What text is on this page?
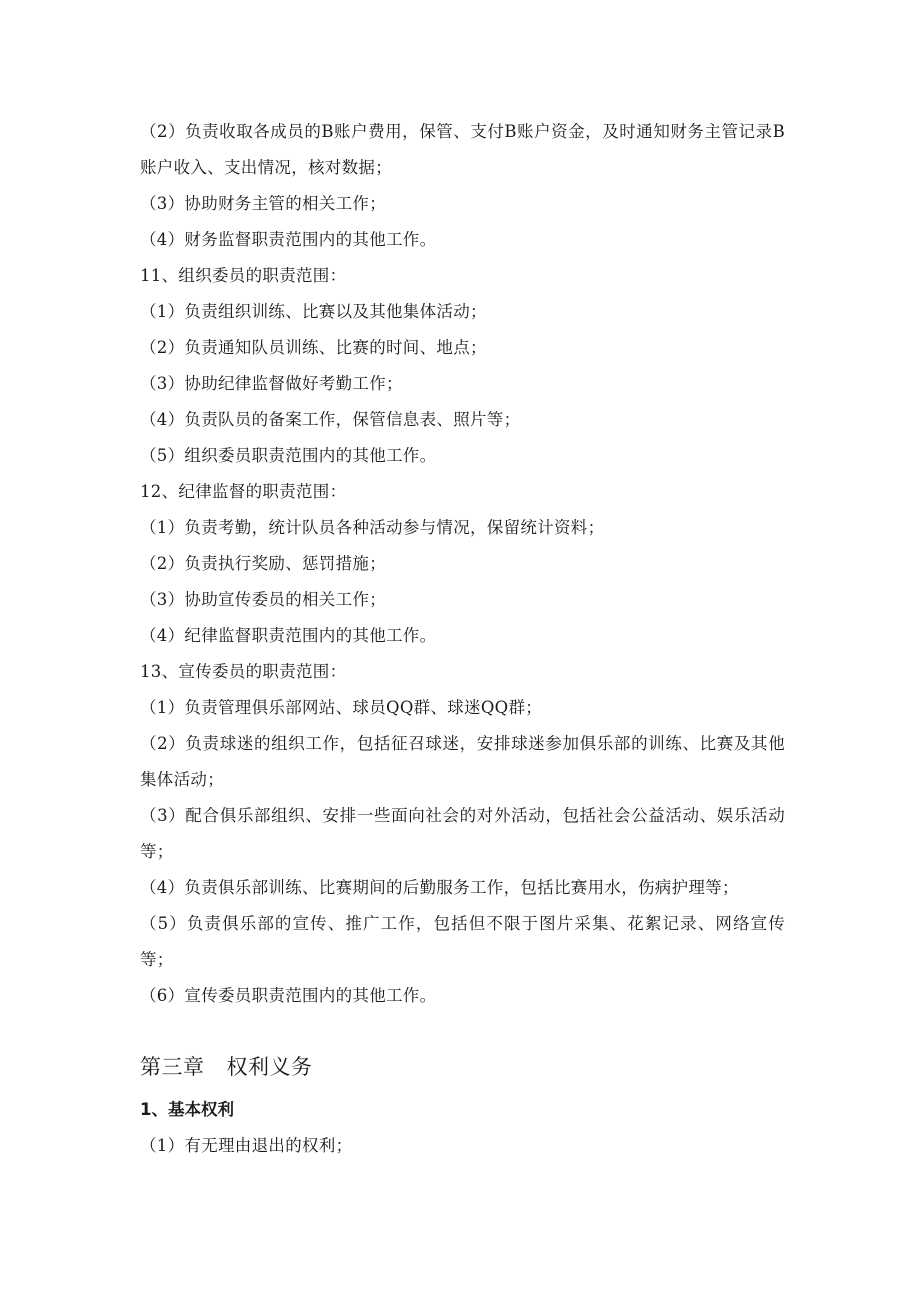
（2）负责收取各成员的B账户费用，保管、支付B账户资金，及时通知财务主管记录B账户收入、支出情况，核对数据；

（3）协助财务主管的相关工作；

（4）财务监督职责范围内的其他工作。

11、组织委员的职责范围：

（1）负责组织训练、比赛以及其他集体活动；

（2）负责通知队员训练、比赛的时间、地点；

（3）协助纪律监督做好考勤工作；

（4）负责队员的备案工作，保管信息表、照片等；

（5）组织委员职责范围内的其他工作。

12、纪律监督的职责范围：

（1）负责考勤，统计队员各种活动参与情况，保留统计资料；

（2）负责执行奖励、惩罚措施；

（3）协助宣传委员的相关工作；

（4）纪律监督职责范围内的其他工作。

13、宣传委员的职责范围：

（1）负责管理俱乐部网站、球员QQ群、球迷QQ群；

（2）负责球迷的组织工作，包括征召球迷，安排球迷参加俱乐部的训练、比赛及其他集体活动；

（3）配合俱乐部组织、安排一些面向社会的对外活动，包括社会公益活动、娱乐活动等；

（4）负责俱乐部训练、比赛期间的后勤服务工作，包括比赛用水，伤病护理等；

（5）负责俱乐部的宣传、推广工作，包括但不限于图片采集、花絮记录、网络宣传等；

（6）宣传委员职责范围内的其他工作。

第三章 权利义务

1、基本权利

（1）有无理由退出的权利；
